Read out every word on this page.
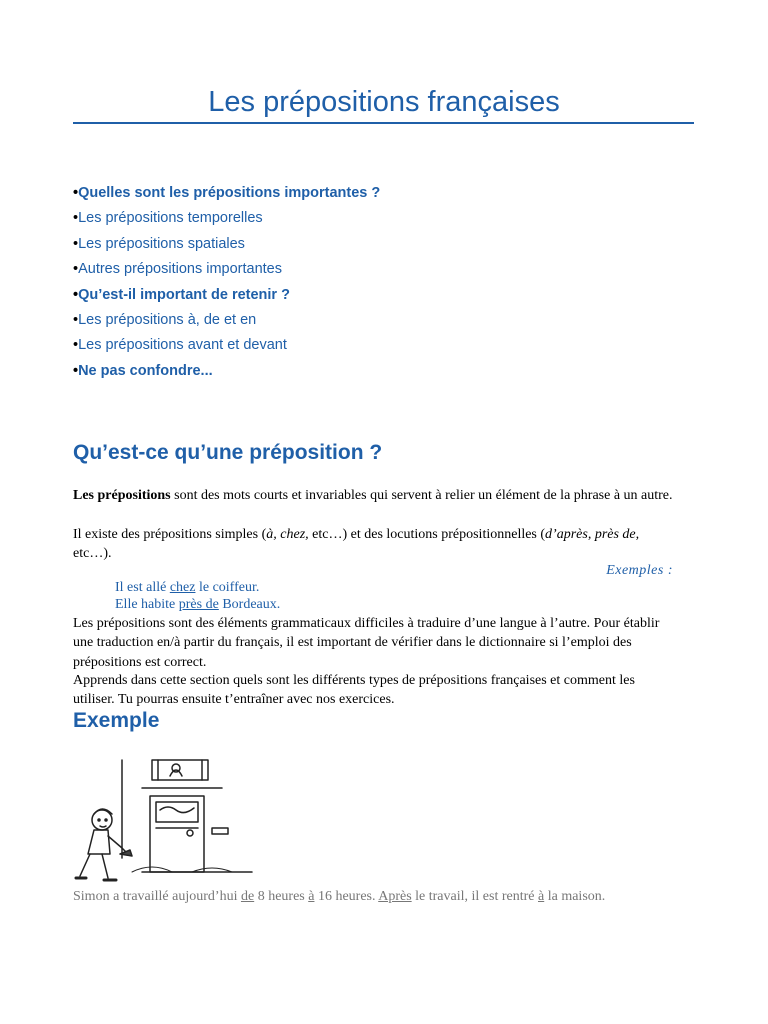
Les prépositions françaises
•Quelles sont les prépositions importantes ?
•Les prépositions temporelles
•Les prépositions spatiales
•Autres prépositions importantes
•Qu’est-il important de retenir ?
•Les prépositions à, de et en
•Les prépositions avant et devant
•Ne pas confondre...
Qu’est-ce qu’une préposition ?
Les prépositions sont des mots courts et invariables qui servent à relier un élément de la phrase à un autre.
Il existe des prépositions simples (à, chez, etc…) et des locutions prépositionnelles (d’après, près de, etc…).
Exemples :
Il est allé chez le coiffeur.
Elle habite près de Bordeaux.
Les prépositions sont des éléments grammaticaux difficiles à traduire d’une langue à l’autre. Pour établir une traduction en/à partir du français, il est important de vérifier dans le dictionnaire si l’emploi des prépositions est correct.
Apprends dans cette section quels sont les différents types de prépositions françaises et comment les utiliser. Tu pourras ensuite t’entraîner avec nos exercices.
Exemple
Simon a travaillé aujourd’hui de 8 heures à 16 heures. Après le travail, il est rentré à la maison.
